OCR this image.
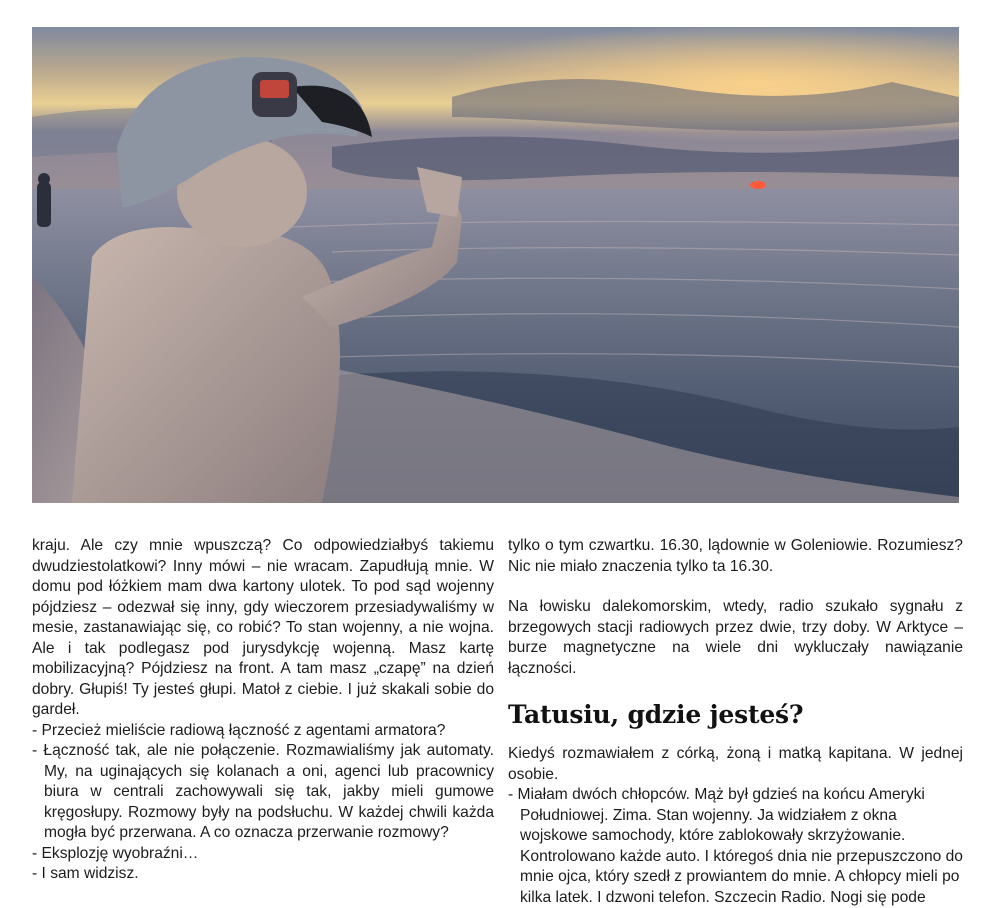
kraju. Ale czy mnie wpuszczą? Co odpowiedziałbyś takiemu dwudziestolatkowi? Inny mówi – nie wracam. Zapudłują mnie. W domu pod łóżkiem mam dwa kartony ulotek. To pod sąd wojenny pójdziesz – odezwał się inny, gdy wieczorem przesiadywaliśmy w mesie, zastanawiając się, co robić? To stan wojenny, a nie wojna. Ale i tak podlegasz pod jurysdykcję wojenną. Masz kartę mobilizacyjną? Pójdziesz na front. A tam masz „czapę” na dzień dobry. Głupiś! Ty jesteś głupi. Matoł z ciebie. I już skakali sobie do gardeł.

- Przecież mieliście radiową łączność z agentami armatora?

- Łączność tak, ale nie połączenie. Rozmawialiśmy jak automaty. My, na uginających się kolanach a oni, agenci lub pracownicy biura w centrali zachowywali się tak, jakby mieli gumowe kręgosłupy. Rozmowy były na podsłuchu. W każdej chwili każda mogła być przerwana. A co oznacza przerwanie rozmowy?

- Eksplozję wyobraźni…

- I sam widzisz.

tylko o tym czwartku. 16.30, lądownie w Goleniowie. Rozumiesz? Nic nie miało znaczenia tylko ta 16.30.

Na łowisku dalekomorskim, wtedy, radio szukało sygnału z brzegowych stacji radiowych przez dwie, trzy doby. W Arktyce – burze magnetyczne na wiele dni wykluczały nawiązanie łączności.

Tatusiu, gdzie jesteś?

Kiedyś rozmawiałem z córką, żoną i matką kapitana. W jednej osobie.

- Miałam dwóch chłopców. Mąż był gdzieś na końcu Ameryki Południowej. Zima. Stan wojenny. Ja widziałem z okna wojskowe samochody, które zablokowały skrzyżowanie. Kontrolowano każde auto. I któregoś dnia nie przepuszczono do mnie ojca, który szedł z prowiantem do mnie. A chłopcy mieli po kilka latek. I dzwoni telefon. Szczecin Radio. Nogi się pode
